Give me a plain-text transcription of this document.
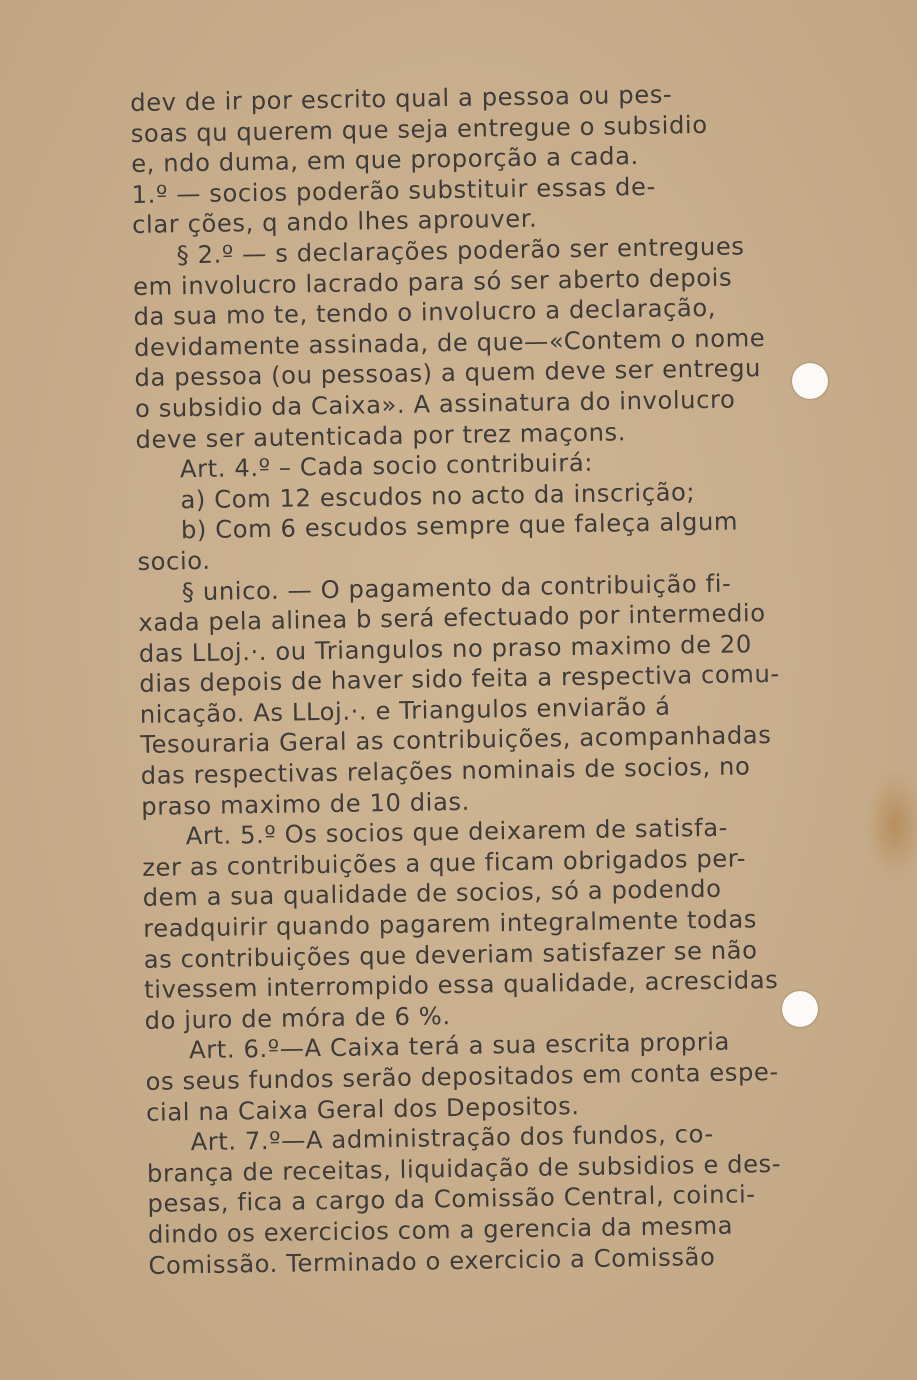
dev de ir por escrito qual a pessoa ou pes-
soas qu querem que seja entregue o subsidio
e, ndo duma, em que proporção a cada.
1.º — socios poderão substituir essas de-
clar ções, q ando lhes aprouver.
§ 2.º — s declarações poderão ser entregues
em involucro lacrado para só ser aberto depois
da sua mo te, tendo o involucro a declaração,
devidamente assinada, de que—«Contem o nome
da pessoa (ou pessoas) a quem deve ser entregu
o subsidio da Caixa». A assinatura do involucro
deve ser autenticada por trez maçons.
Art. 4.º – Cada socio contribuirá:
a) Com 12 escudos no acto da inscrição;
b) Com 6 escudos sempre que faleça algum
socio.
§ unico. — O pagamento da contribuição fi-
xada pela alinea b será efectuado por intermedio
das LLoj.·. ou Triangulos no praso maximo de 20
dias depois de haver sido feita a respectiva comu-
nicação. As LLoj.·. e Triangulos enviarão á
Tesouraria Geral as contribuições, acompanhadas
das respectivas relações nominais de socios, no
praso maximo de 10 dias.
Art. 5.º Os socios que deixarem de satisfa-
zer as contribuições a que ficam obrigados per-
dem a sua qualidade de socios, só a podendo
readquirir quando pagarem integralmente todas
as contribuições que deveriam satisfazer se não
tivessem interrompido essa qualidade, acrescidas
do juro de móra de 6 %.
Art. 6.º—A Caixa terá a sua escrita propria
os seus fundos serão depositados em conta espe-
cial na Caixa Geral dos Depositos.
Art. 7.º—A administração dos fundos, co-
brança de receitas, liquidação de subsidios e des-
pesas, fica a cargo da Comissão Central, coinci-
dindo os exercicios com a gerencia da mesma
Comissão. Terminado o exercicio a Comissão
